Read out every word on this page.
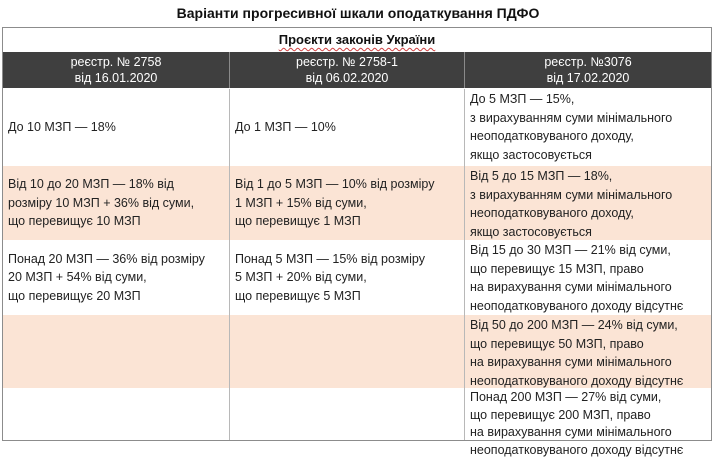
Варіанти прогресивної шкали оподаткування ПДФО
Проєкти законів України
реєстр. № 2758
від 16.01.2020
реєстр. № 2758-1
від 06.02.2020
реєстр. №3076
від 17.02.2020
До 10 МЗП — 18%	До 1 МЗП — 10%
До 5 МЗП — 15%,
з вирахуванням суми мінімального
неоподатковуваного доходу,
якщо застосовується
Від 10 до 20 МЗП — 18% від
розміру 10 МЗП + 36% від суми,
що перевищує 10 МЗП
Від 1 до 5 МЗП — 10% від розміру
1 МЗП + 15% від суми,
що перевищує 1 МЗП
Від 5 до 15 МЗП — 18%,
з вирахуванням суми мінімального
неоподатковуваного доходу,
якщо застосовується
Понад 20 МЗП — 36% від розміру
20 МЗП + 54% від суми,
що перевищує 20 МЗП
Понад 5 МЗП — 15% від розміру
5 МЗП + 20% від суми,
що перевищує 5 МЗП
Від 15 до 30 МЗП — 21% від суми,
що перевищує 15 МЗП, право
на вирахування суми мінімального
неоподатковуваного доходу відсутнє
Від 50 до 200 МЗП — 24% від суми,
що перевищує 50 МЗП, право
на вирахування суми мінімального
неоподатковуваного доходу відсутнє
Понад 200 МЗП — 27% від суми,
що перевищує 200 МЗП, право
на вирахування суми мінімального
неоподатковуваного доходу відсутнє
